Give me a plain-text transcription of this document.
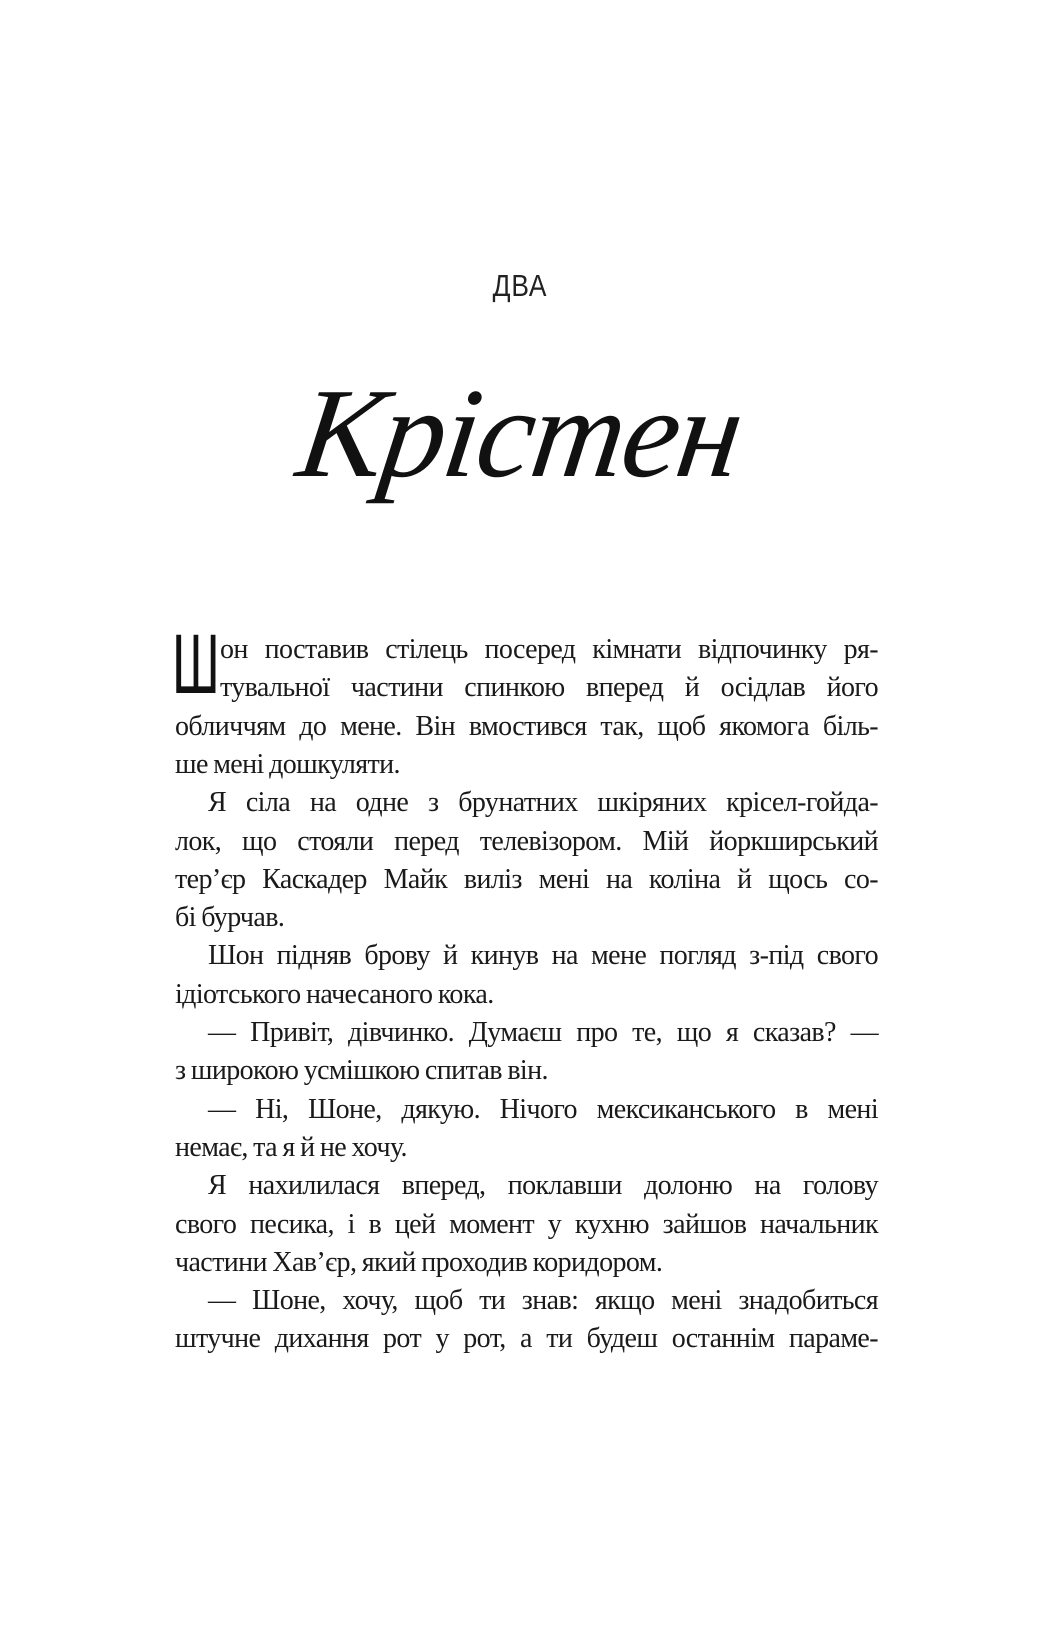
ДВА
Крістен
Ш он поставив стілець посеред кімнати відпочинку ря-
тувальної частини спинкою вперед й осідлав його
обличчям до мене. Він вмостився так, щоб якомога біль-
ше мені дошкуляти.
Я сіла на одне з брунатних шкіряних крісел-гойда-
лок, що стояли перед телевізором. Мій йоркширський
тер’єр Каскадер Майк виліз мені на коліна й щось со-
бі бурчав.
Шон підняв брову й кинув на мене погляд з-під свого
ідіотського начесаного кока.
— Привіт, дівчинко. Думаєш про те, що я сказав? —
з широкою усмішкою спитав він.
— Ні, Шоне, дякую. Нічого мексиканського в мені
немає, та я й не хочу.
Я нахилилася вперед, поклавши долоню на голову
свого песика, і в цей момент у кухню зайшов начальник
частини Хав’єр, який проходив коридором.
— Шоне, хочу, щоб ти знав: якщо мені знадобиться
штучне дихання рот у рот, а ти будеш останнім параме-
